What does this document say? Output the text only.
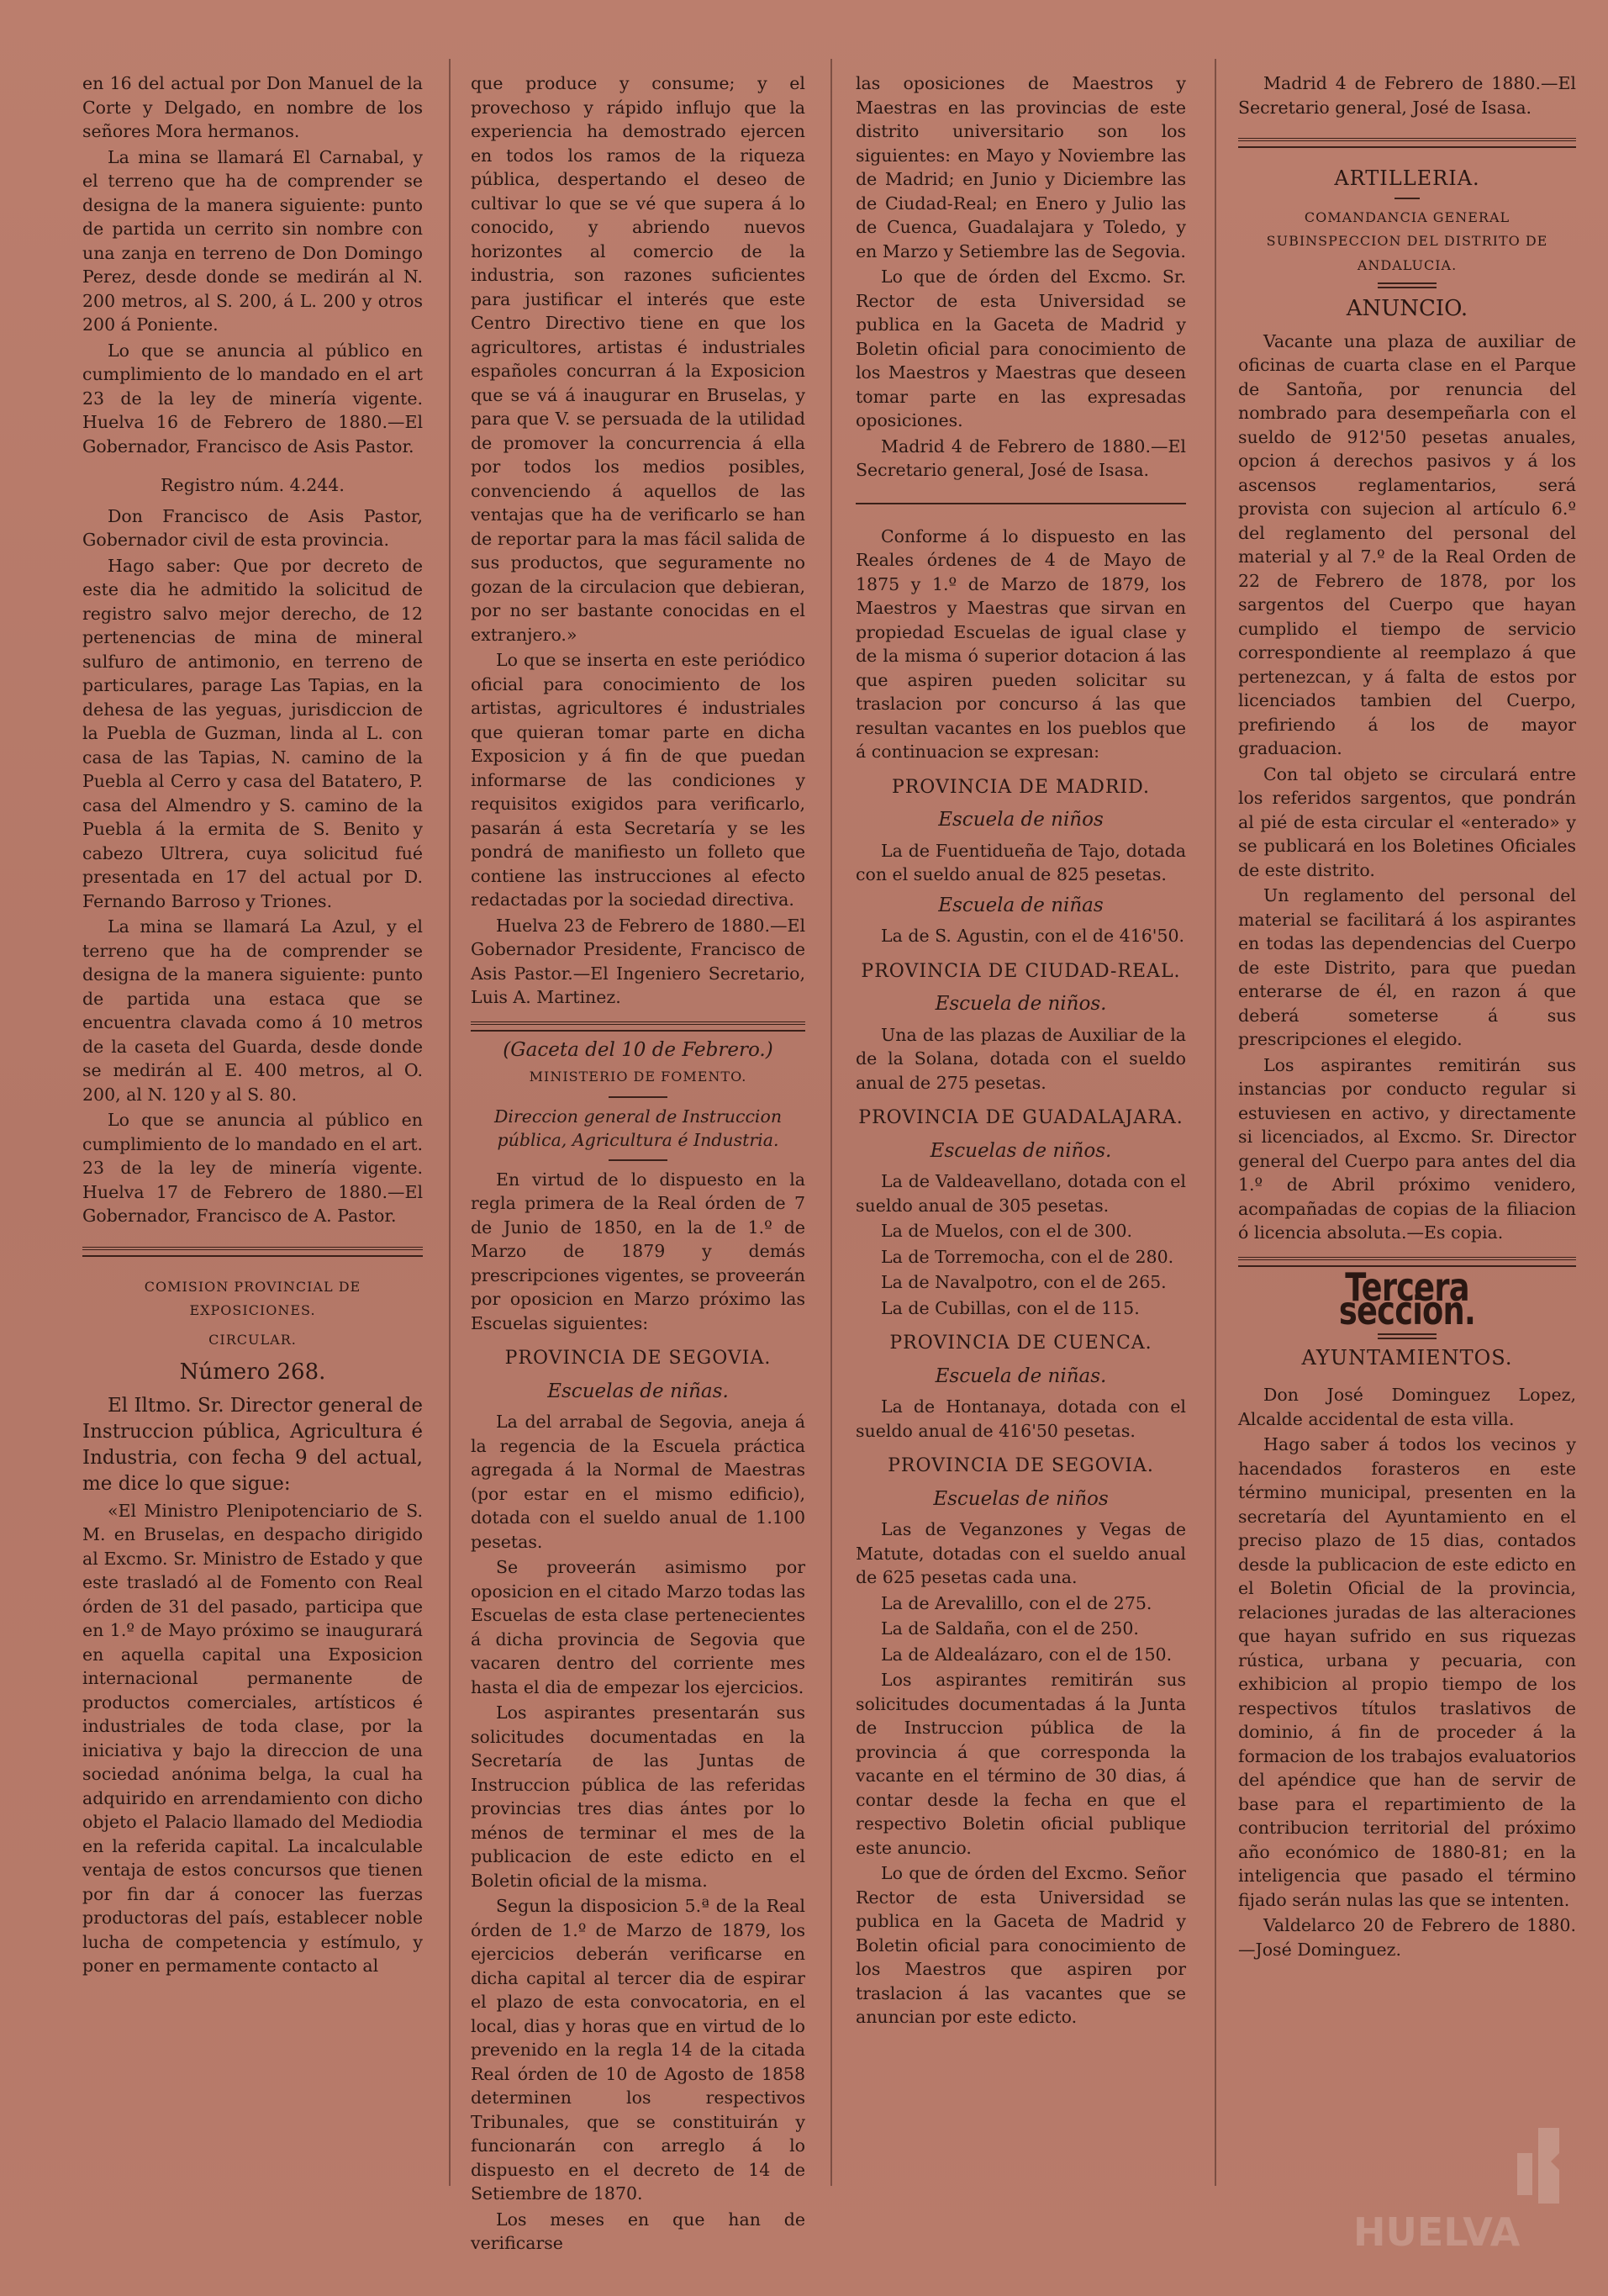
en 16 del actual por Don Manuel de la Corte y Delgado, en nombre de los señores Mora hermanos.

La mina se llamará El Carnabal, y el terreno que ha de comprender se designa de la manera siguiente: punto de partida un cerrito sin nombre con una zanja en terreno de Don Domingo Perez, desde donde se medirán al N. 200 metros, al S. 200, á L. 200 y otros 200 á Poniente.

Lo que se anuncia al público en cumplimiento de lo mandado en el art 23 de la ley de minería vigente. Huelva 16 de Febrero de 1880.—El Gobernador, Francisco de Asis Pastor.

Registro núm. 4.244.

Don Francisco de Asis Pastor, Gobernador civil de esta provincia.

Hago saber: Que por decreto de este dia he admitido la solicitud de registro salvo mejor derecho, de 12 pertenencias de mina de mineral sulfuro de antimonio, en terreno de particulares, parage Las Tapias, en la dehesa de las yeguas, jurisdiccion de la Puebla de Guzman, linda al L. con casa de las Tapias, N. camino de la Puebla al Cerro y casa del Batatero, P. casa del Almendro y S. camino de la Puebla á la ermita de S. Benito y cabezo Ultrera, cuya solicitud fué presentada en 17 del actual por D. Fernando Barroso y Triones.

La mina se llamará La Azul, y el terreno que ha de comprender se designa de la manera siguiente: punto de partida una estaca que se encuentra clavada como á 10 metros de la caseta del Guarda, desde donde se medirán al E. 400 metros, al O. 200, al N. 120 y al S. 80.

Lo que se anuncia al público en cumplimiento de lo mandado en el art. 23 de la ley de minería vigente. Huelva 17 de Febrero de 1880.—El Gobernador, Francisco de A. Pastor.

COMISION PROVINCIAL DE EXPOSICIONES.

CIRCULAR.

Número 268.

El Iltmo. Sr. Director general de Instruccion pública, Agricultura é Industria, con fecha 9 del actual, me dice lo que sigue:

«El Ministro Plenipotenciario de S. M. en Bruselas, en despacho dirigido al Excmo. Sr. Ministro de Estado y que este trasladó al de Fomento con Real órden de 31 del pasado, participa que en 1.º de Mayo próximo se inaugurará en aquella capital una Exposicion internacional permanente de productos comerciales, artísticos é industriales de toda clase, por la iniciativa y bajo la direccion de una sociedad anónima belga, la cual ha adquirido en arrendamiento con dicho objeto el Palacio llamado del Mediodia en la referida capital. La incalculable ventaja de estos concursos que tienen por fin dar á conocer las fuerzas productoras del país, establecer noble lucha de competencia y estímulo, y poner en permamente contacto al

que produce y consume; y el provechoso y rápido influjo que la experiencia ha demostrado ejercen en todos los ramos de la riqueza pública, despertando el deseo de cultivar lo que se vé que supera á lo conocido, y abriendo nuevos horizontes al comercio de la industria, son razones suficientes para justificar el interés que este Centro Directivo tiene en que los agricultores, artistas é industriales españoles concurran á la Exposicion que se vá á inaugurar en Bruselas, y para que V. se persuada de la utilidad de promover la concurrencia á ella por todos los medios posibles, convenciendo á aquellos de las ventajas que ha de verificarlo se han de reportar para la mas fácil salida de sus productos, que seguramente no gozan de la circulacion que debieran, por no ser bastante conocidas en el extranjero.»

Lo que se inserta en este periódico oficial para conocimiento de los artistas, agricultores é industriales que quieran tomar parte en dicha Exposicion y á fin de que puedan informarse de las condiciones y requisitos exigidos para verificarlo, pasarán á esta Secretaría y se les pondrá de manifiesto un folleto que contiene las instrucciones al efecto redactadas por la sociedad directiva.

Huelva 23 de Febrero de 1880.—El Gobernador Presidente, Francisco de Asis Pastor.—El Ingeniero Secretario, Luis A. Martinez.

(Gaceta del 10 de Febrero.)

MINISTERIO DE FOMENTO.

Direccion general de Instruccion pública, Agricultura é Industria.

En virtud de lo dispuesto en la regla primera de la Real órden de 7 de Junio de 1850, en la de 1.º de Marzo de 1879 y demás prescripciones vigentes, se proveerán por oposicion en Marzo próximo las Escuelas siguientes:

PROVINCIA DE SEGOVIA.

Escuelas de niñas.

La del arrabal de Segovia, aneja á la regencia de la Escuela práctica agregada á la Normal de Maestras (por estar en el mismo edificio), dotada con el sueldo anual de 1.100 pesetas.

Se proveerán asimismo por oposicion en el citado Marzo todas las Escuelas de esta clase pertenecientes á dicha provincia de Segovia que vacaren dentro del corriente mes hasta el dia de empezar los ejercicios.

Los aspirantes presentarán sus solicitudes documentadas en la Secretaría de las Juntas de Instruccion pública de las referidas provincias tres dias ántes por lo ménos de terminar el mes de la publicacion de este edicto en el Boletin oficial de la misma.

Segun la disposicion 5.ª de la Real órden de 1.º de Marzo de 1879, los ejercicios deberán verificarse en dicha capital al tercer dia de espirar el plazo de esta convocatoria, en el local, dias y horas que en virtud de lo prevenido en la regla 14 de la citada Real órden de 10 de Agosto de 1858 determinen los respectivos Tribunales, que se constituirán y funcionarán con arreglo á lo dispuesto en el decreto de 14 de Setiembre de 1870.

Los meses en que han de verificarse

las oposiciones de Maestros y Maestras en las provincias de este distrito universitario son los siguientes: en Mayo y Noviembre las de Madrid; en Junio y Diciembre las de Ciudad-Real; en Enero y Julio las de Cuenca, Guadalajara y Toledo, y en Marzo y Setiembre las de Segovia.

Lo que de órden del Excmo. Sr. Rector de esta Universidad se publica en la Gaceta de Madrid y Boletin oficial para conocimiento de los Maestros y Maestras que deseen tomar parte en las expresadas oposiciones.

Madrid 4 de Febrero de 1880.—El Secretario general, José de Isasa.

Conforme á lo dispuesto en las Reales órdenes de 4 de Mayo de 1875 y 1.º de Marzo de 1879, los Maestros y Maestras que sirvan en propiedad Escuelas de igual clase y de la misma ó superior dotacion á las que aspiren pueden solicitar su traslacion por concurso á las que resultan vacantes en los pueblos que á continuacion se expresan:

PROVINCIA DE MADRID.

Escuela de niños

La de Fuentidueña de Tajo, dotada con el sueldo anual de 825 pesetas.

Escuela de niñas

La de S. Agustin, con el de 416'50.

PROVINCIA DE CIUDAD-REAL.

Escuela de niños.

Una de las plazas de Auxiliar de la de la Solana, dotada con el sueldo anual de 275 pesetas.

PROVINCIA DE GUADALAJARA.

Escuelas de niños.

La de Valdeavellano, dotada con el sueldo anual de 305 pesetas.

La de Muelos, con el de 300.

La de Torremocha, con el de 280.

La de Navalpotro, con el de 265.

La de Cubillas, con el de 115.

PROVINCIA DE CUENCA.

Escuela de niñas.

La de Hontanaya, dotada con el sueldo anual de 416'50 pesetas.

PROVINCIA DE SEGOVIA.

Escuelas de niños

Las de Veganzones y Vegas de Matute, dotadas con el sueldo anual de 625 pesetas cada una.

La de Arevalillo, con el de 275.

La de Saldaña, con el de 250.

La de Aldealázaro, con el de 150.

Los aspirantes remitirán sus solicitudes documentadas á la Junta de Instruccion pública de la provincia á que corresponda la vacante en el término de 30 dias, á contar desde la fecha en que el respectivo Boletin oficial publique este anuncio.

Lo que de órden del Excmo. Señor Rector de esta Universidad se publica en la Gaceta de Madrid y Boletin oficial para conocimiento de los Maestros que aspiren por traslacion á las vacantes que se anuncian por este edicto.

Madrid 4 de Febrero de 1880.—El Secretario general, José de Isasa.

ARTILLERIA.

COMANDANCIA GENERAL SUBINSPECCION DEL DISTRITO DE ANDALUCIA.

ANUNCIO.

Vacante una plaza de auxiliar de oficinas de cuarta clase en el Parque de Santoña, por renuncia del nombrado para desempeñarla con el sueldo de 912'50 pesetas anuales, opcion á derechos pasivos y á los ascensos reglamentarios, será provista con sujecion al artículo 6.º del reglamento del personal del material y al 7.º de la Real Orden de 22 de Febrero de 1878, por los sargentos del Cuerpo que hayan cumplido el tiempo de servicio correspondiente al reemplazo á que pertenezcan, y á falta de estos por licenciados tambien del Cuerpo, prefiriendo á los de mayor graduacion.

Con tal objeto se circulará entre los referidos sargentos, que pondrán al pié de esta circular el «enterado» y se publicará en los Boletines Oficiales de este distrito.

Un reglamento del personal del material se facilitará á los aspirantes en todas las dependencias del Cuerpo de este Distrito, para que puedan enterarse de él, en razon á que deberá someterse á sus prescripciones el elegido.

Los aspirantes remitirán sus instancias por conducto regular si estuviesen en activo, y directamente si licenciados, al Excmo. Sr. Director general del Cuerpo para antes del dia 1.º de Abril próximo venidero, acompañadas de copias de la filiacion ó licencia absoluta.—Es copia.

Tercera seccion.

AYUNTAMIENTOS.

Don José Dominguez Lopez, Alcalde accidental de esta villa.

Hago saber á todos los vecinos y hacendados forasteros en este término municipal, presenten en la secretaría del Ayuntamiento en el preciso plazo de 15 dias, contados desde la publicacion de este edicto en el Boletin Oficial de la provincia, relaciones juradas de las alteraciones que hayan sufrido en sus riquezas rústica, urbana y pecuaria, con exhibicion al propio tiempo de los respectivos títulos traslativos de dominio, á fin de proceder á la formacion de los trabajos evaluatorios del apéndice que han de servir de base para el repartimiento de la contribucion territorial del próximo año económico de 1880-81; en la inteligencia que pasado el término fijado serán nulas las que se intenten.

Valdelarco 20 de Febrero de 1880.—José Dominguez.

HUELVA
